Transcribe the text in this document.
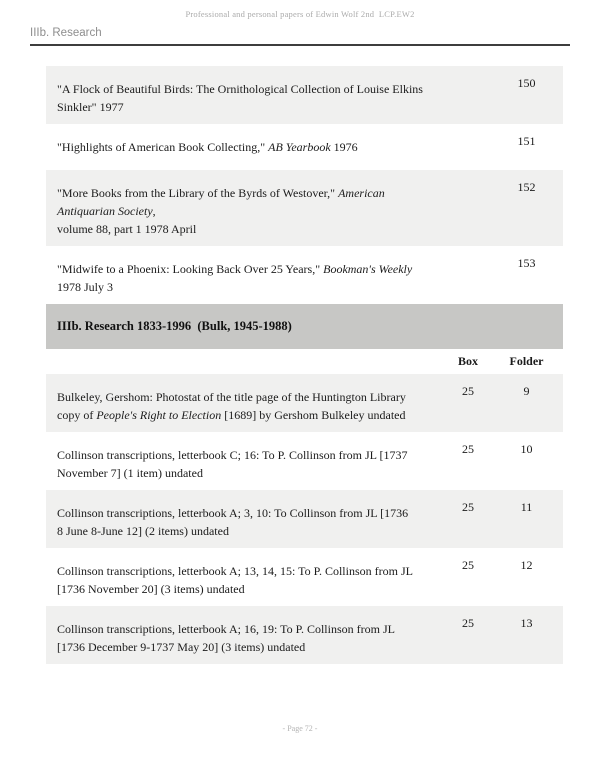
Professional and personal papers of Edwin Wolf 2nd  LCP.EW2
IIIb. Research
"A Flock of Beautiful Birds: The Ornithological Collection of Louise Elkins
Sinkler" 1977
150
"Highlights of American Book Collecting," AB Yearbook 1976	151
"More Books from the Library of the Byrds of Westover," American Antiquarian Society,
volume 88, part 1 1978 April
152
"Midwife to a Phoenix: Looking Back Over 25 Years," Bookman's Weekly 1978 July 3
153
IIIb. Research 1833-1996  (Bulk, 1945-1988)
Box	Folder
Bulkeley, Gershom: Photostat of the title page of the Huntington Library
copy of People's Right to Election [1689] by Gershom Bulkeley undated
25	9
Collinson transcriptions, letterbook C; 16: To P. Collinson from JL [1737
November 7] (1 item) undated
25	10
Collinson transcriptions, letterbook A; 3, 10: To Collinson from JL [1736
8 June 8-June 12] (2 items) undated
25	11
Collinson transcriptions, letterbook A; 13, 14, 15: To P. Collinson from JL
[1736 November 20] (3 items) undated
25	12
Collinson transcriptions, letterbook A; 16, 19: To P. Collinson from JL
[1736 December 9-1737 May 20] (3 items) undated
25	13
- Page 72 -
